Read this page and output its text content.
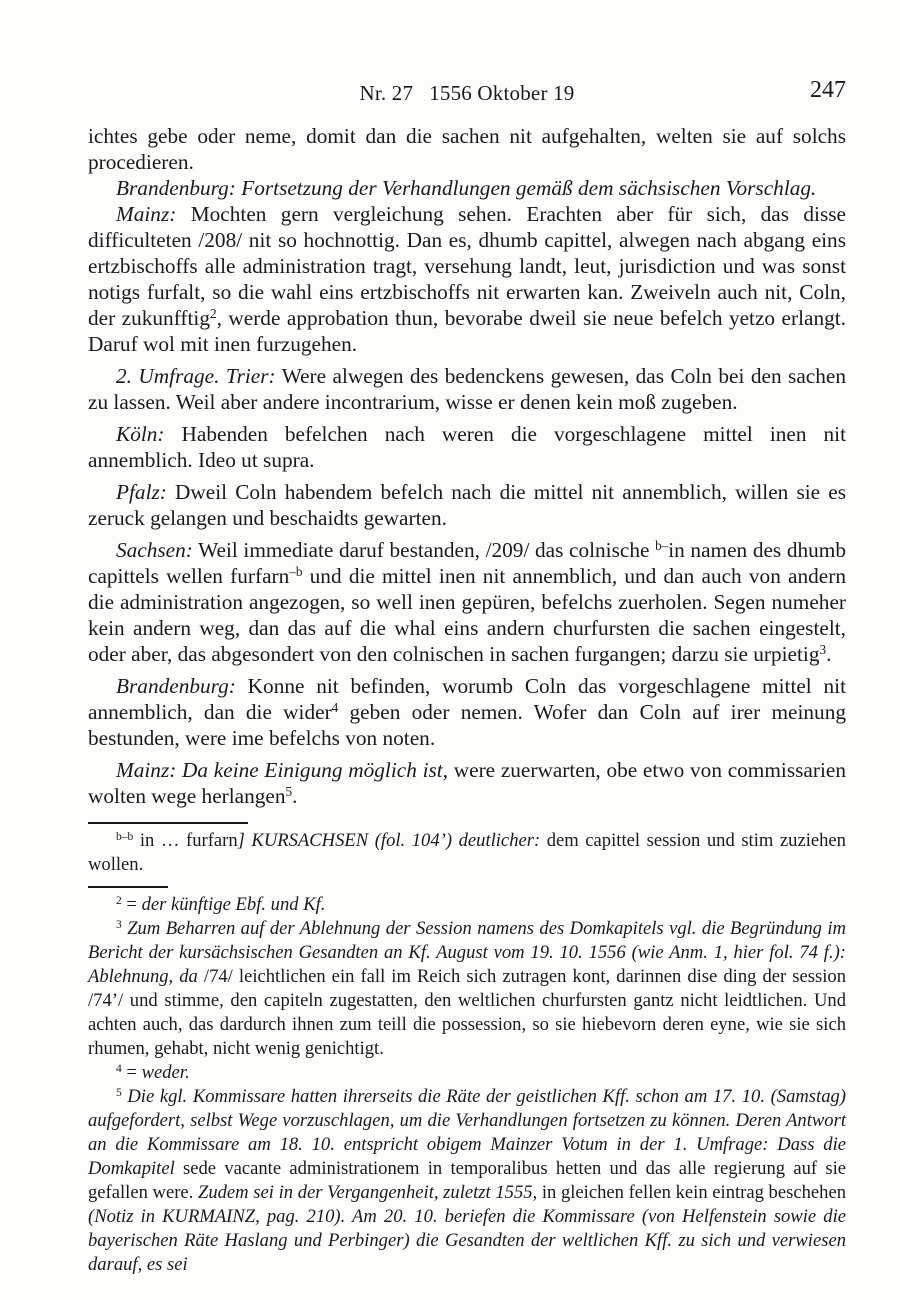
Nr. 27 1556 Oktober 19	247

ichtes gebe oder neme, domit dan die sachen nit aufgehalten, welten sie auf solchs procedieren.

Brandenburg: Fortsetzung der Verhandlungen gemäß dem sächsischen Vorschlag.

Mainz: Mochten gern vergleichung sehen. Erachten aber für sich, das disse difficulteten /208/ nit so hochnottig. Dan es, dhumb capittel, alwegen nach abgang eins ertzbischoffs alle administration tragt, versehung landt, leut, jurisdiction und was sonst notigs furfalt, so die wahl eins ertzbischoffs nit erwarten kan. Zweiveln auch nit, Coln, der zukunfftig$^2$, werde approbation thun, bevorabe dweil sie neue befelch yetzo erlangt. Daruf wol mit inen furzugehen.

2. Umfrage. Trier: Were alwegen des bedenckens gewesen, das Coln bei den sachen zu lassen. Weil aber andere incontrarium, wisse er denen kein moß zugeben.

Köln: Habenden befelchen nach weren die vorgeschlagene mittel inen nit annemblich. Ideo ut supra.

Pfalz: Dweil Coln habendem befelch nach die mittel nit annemblich, willen sie es zeruck gelangen und beschaidts gewarten.

Sachsen: Weil immediate daruf bestanden, /209/ das colnische $^{b-}$in namen des dhumb capittels wellen furfarn$^{-b}$ und die mittel inen nit annemblich, und dan auch von andern die administration angezogen, so well inen gepüren, befelchs zuerholen. Segen numeher kein andern weg, dan das auf die whal eins andern churfursten die sachen eingestelt, oder aber, das abgesondert von den colnischen in sachen furgangen; darzu sie urpietig$^3$.

Brandenburg: Konne nit befinden, worumb Coln das vorgeschlagene mittel nit annemblich, dan die wider$^4$ geben oder nemen. Wofer dan Coln auf irer meinung bestunden, were ime befelchs von noten.

Mainz: Da keine Einigung möglich ist, were zuerwarten, obe etwo von commissarien wolten wege herlangen$^5$.

$^{b-b}$ in … furfarn] KURSACHSEN (fol. 104’) deutlicher: dem capittel session und stim zuziehen wollen.

$^2$ = der künftige Ebf. und Kf.

$^3$ Zum Beharren auf der Ablehnung der Session namens des Domkapitels vgl. die Begründung im Bericht der kursächsischen Gesandten an Kf. August vom 19. 10. 1556 (wie Anm. 1, hier fol. 74 f.): Ablehnung, da /74/ leichtlichen ein fall im Reich sich zutragen kont, darinnen dise ding der session /74’/ und stimme, den capiteln zugestatten, den weltlichen churfursten gantz nicht leidtlichen. Und achten auch, das dardurch ihnen zum teill die possession, so sie hiebevorn deren eyne, wie sie sich rhumen, gehabt, nicht wenig genichtigt.

$^4$ = weder.

$^5$ Die kgl. Kommissare hatten ihrerseits die Räte der geistlichen Kff. schon am 17. 10. (Samstag) aufgefordert, selbst Wege vorzuschlagen, um die Verhandlungen fortsetzen zu können. Deren Antwort an die Kommissare am 18. 10. entspricht obigem Mainzer Votum in der 1. Umfrage: Dass die Domkapitel sede vacante administrationem in temporalibus hetten und das alle regierung auf sie gefallen were. Zudem sei in der Vergangenheit, zuletzt 1555, in gleichen fellen kein eintrag beschehen (Notiz in KURMAINZ, pag. 210). Am 20. 10. beriefen die Kommissare (von Helfenstein sowie die bayerischen Räte Haslang und Perbinger) die Gesandten der weltlichen Kff. zu sich und verwiesen darauf, es sei
